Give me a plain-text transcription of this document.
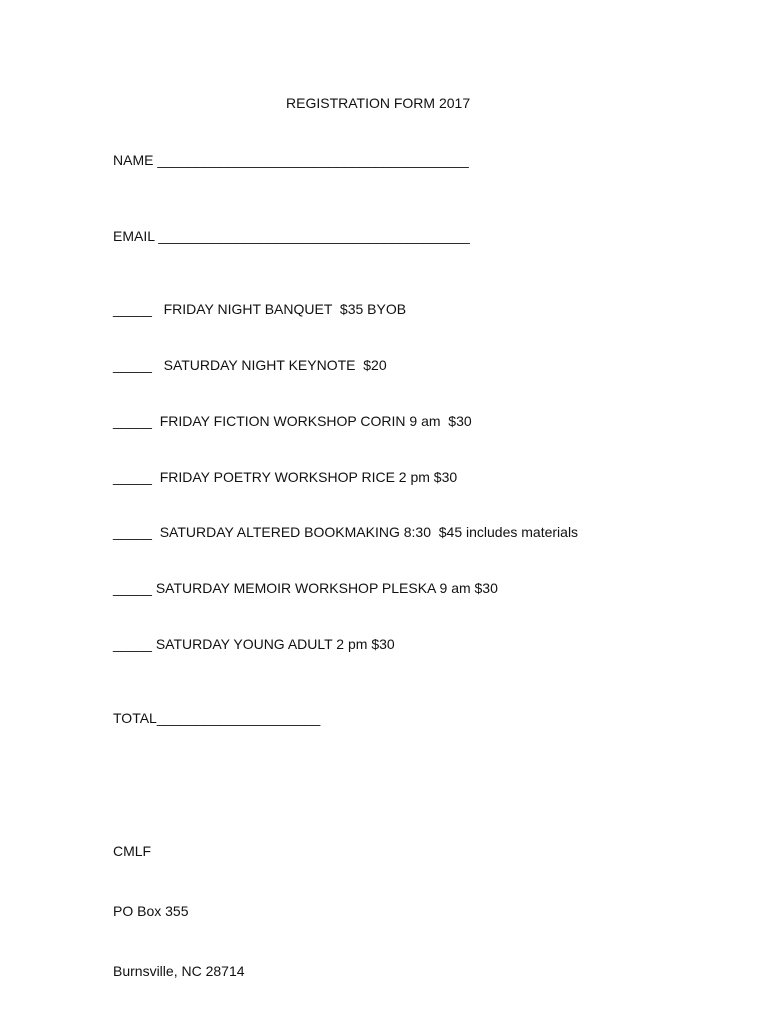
REGISTRATION FORM 2017
NAME ________________________________________
EMAIL ________________________________________
_____   FRIDAY NIGHT BANQUET  $35 BYOB
_____   SATURDAY NIGHT KEYNOTE  $20
_____  FRIDAY FICTION WORKSHOP CORIN 9 am  $30
_____  FRIDAY POETRY WORKSHOP RICE 2 pm $30
_____  SATURDAY ALTERED BOOKMAKING 8:30  $45 includes materials
_____ SATURDAY MEMOIR WORKSHOP PLESKA 9 am $30
_____ SATURDAY YOUNG ADULT 2 pm $30
TOTAL_____________________

CMLF

PO Box 355

Burnsville, NC 28714
